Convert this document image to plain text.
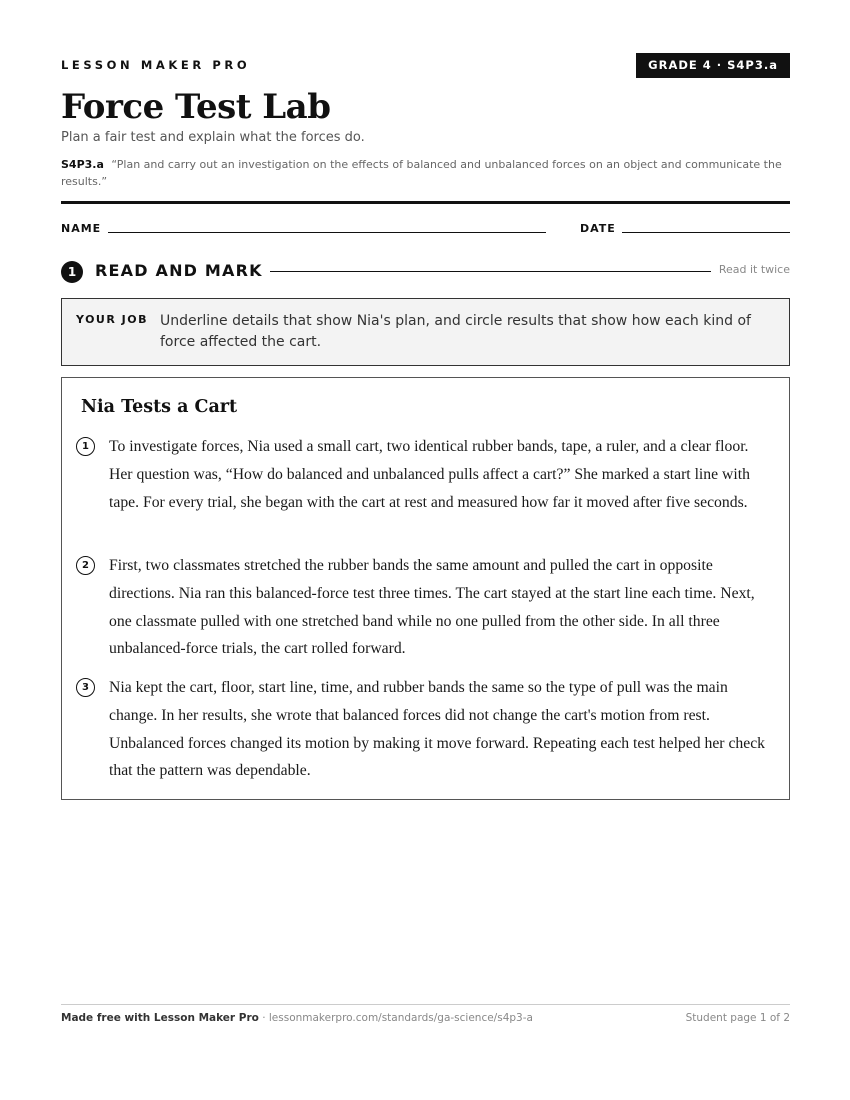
LESSON MAKER PRO	GRADE 4 · S4P3.a
Force Test Lab
Plan a fair test and explain what the forces do.
S4P3.a “Plan and carry out an investigation on the effects of balanced and unbalanced forces on an object and communicate the results.”
NAME	DATE
1	READ AND MARK	Read it twice
YOUR JOB Underline details that show Nia's plan, and circle results that show how each kind of force affected the cart.
Nia Tests a Cart
1	To investigate forces, Nia used a small cart, two identical rubber bands, tape, a ruler, and a clear floor. Her question was, “How do balanced and unbalanced pulls affect a cart?” She marked a start line with tape. For every trial, she began with the cart at rest and measured how far it moved after five seconds.

2	First, two classmates stretched the rubber bands the same amount and pulled the cart in opposite directions. Nia ran this balanced-force test three times. The cart stayed at the start line each time. Next, one classmate pulled with one stretched band while no one pulled from the other side. In all three unbalanced-force trials, the cart rolled forward.

3	Nia kept the cart, floor, start line, time, and rubber bands the same so the type of pull was the main change. In her results, she wrote that balanced forces did not change the cart's motion from rest. Unbalanced forces changed its motion by making it move forward. Repeating each test helped her check that the pattern was dependable.

Made free with Lesson Maker Pro · lessonmakerpro.com/standards/ga-science/s4p3-a	Student page 1 of 2
